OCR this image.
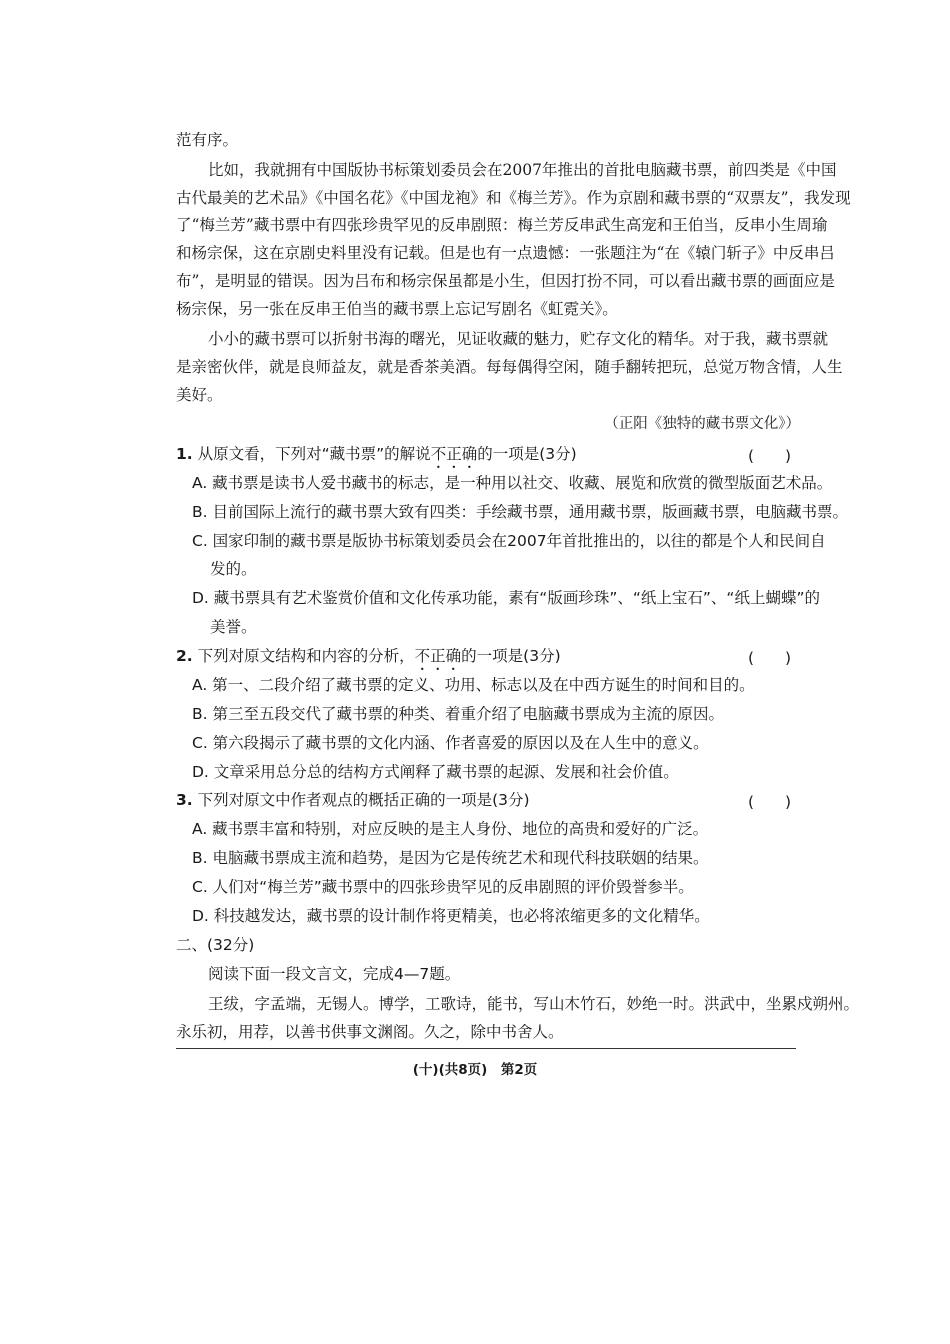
范有序。
比如，我就拥有中国版协书标策划委员会在2007年推出的首批电脑藏书票，前四类是《中国
古代最美的艺术品》《中国名花》《中国龙袍》和《梅兰芳》。作为京剧和藏书票的“双票友”，我发现
了“梅兰芳”藏书票中有四张珍贵罕见的反串剧照：梅兰芳反串武生高宠和王伯当，反串小生周瑜
和杨宗保，这在京剧史料里没有记载。但是也有一点遗憾：一张题注为“在《辕门斩子》中反串吕
布”，是明显的错误。因为吕布和杨宗保虽都是小生，但因打扮不同，可以看出藏书票的画面应是
杨宗保，另一张在反串王伯当的藏书票上忘记写剧名《虹霓关》。
小小的藏书票可以折射书海的曙光，见证收藏的魅力，贮存文化的精华。对于我，藏书票就
是亲密伙伴，就是良师益友，就是香茶美酒。每每偶得空闲，随手翻转把玩，总觉万物含情，人生
美好。
（正阳《独特的藏书票文化》）
1. 从原文看，下列对“藏书票”的解说不正确的一项是(3分)	(　　)
A. 藏书票是读书人爱书藏书的标志，是一种用以社交、收藏、展览和欣赏的微型版面艺术品。
B. 目前国际上流行的藏书票大致有四类：手绘藏书票，通用藏书票，版画藏书票，电脑藏书票。
C. 国家印制的藏书票是版协书标策划委员会在2007年首批推出的，以往的都是个人和民间自
发的。
D. 藏书票具有艺术鉴赏价值和文化传承功能，素有“版画珍珠”、“纸上宝石”、“纸上蝴蝶”的
美誉。
2. 下列对原文结构和内容的分析，不正确的一项是(3分)	(　　)
A. 第一、二段介绍了藏书票的定义、功用、标志以及在中西方诞生的时间和目的。
B. 第三至五段交代了藏书票的种类、着重介绍了电脑藏书票成为主流的原因。
C. 第六段揭示了藏书票的文化内涵、作者喜爱的原因以及在人生中的意义。
D. 文章采用总分总的结构方式阐释了藏书票的起源、发展和社会价值。
3. 下列对原文中作者观点的概括正确的一项是(3分)	(　　)
A. 藏书票丰富和特别，对应反映的是主人身份、地位的高贵和爱好的广泛。
B. 电脑藏书票成主流和趋势，是因为它是传统艺术和现代科技联姻的结果。
C. 人们对“梅兰芳”藏书票中的四张珍贵罕见的反串剧照的评价毁誉参半。
D. 科技越发达，藏书票的设计制作将更精美，也必将浓缩更多的文化精华。
二、(32分)
阅读下面一段文言文，完成4—7题。
王绂，字孟端，无锡人。博学，工歌诗，能书，写山木竹石，妙绝一时。洪武中，坐累戍朔州。
永乐初，用荐，以善书供事文渊阁。久之，除中书舍人。
(十)(共8页)　第2页
